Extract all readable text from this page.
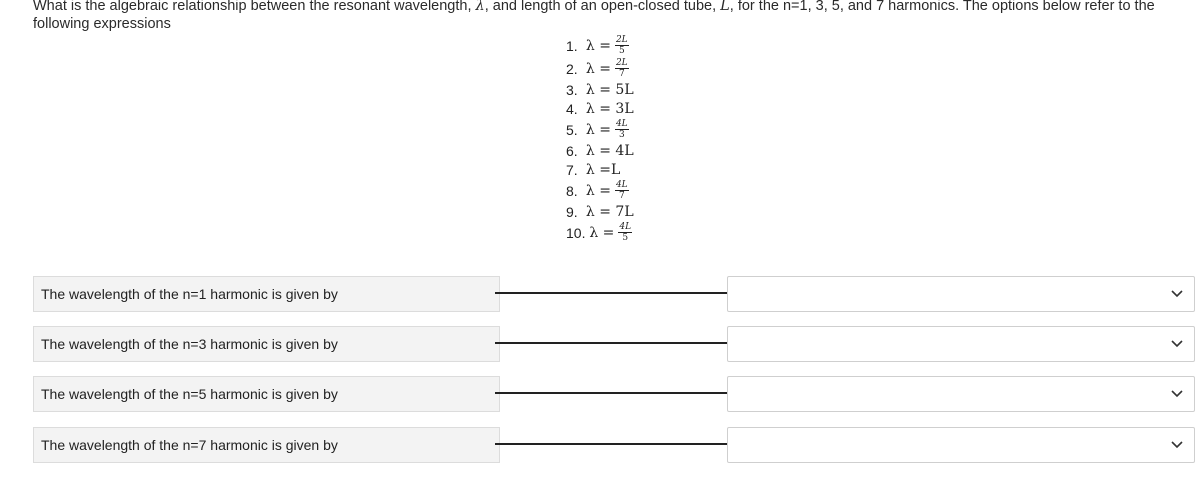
What is the algebraic relationship between the resonant wavelength, λ, and length of an open-closed tube, L, for the n=1, 3, 5, and 7 harmonics. The options below refer to the following expressions
1.
$\lambda = \frac{2L}{5}$
2.
$\lambda = \frac{2L}{7}$
3.
λ = 5 L
4.
λ = 3 L
5.
$\lambda = \frac{4L}{3}$
6.
λ = 4 L
7.
λ = L
8.
$\lambda = \frac{4L}{7}$
9.
λ = 7 L
10.
$\lambda = \frac{4L}{5}$
The wavelength of the n=1 harmonic is given by
The wavelength of the n=3 harmonic is given by
The wavelength of the n=5 harmonic is given by
The wavelength of the n=7 harmonic is given by
